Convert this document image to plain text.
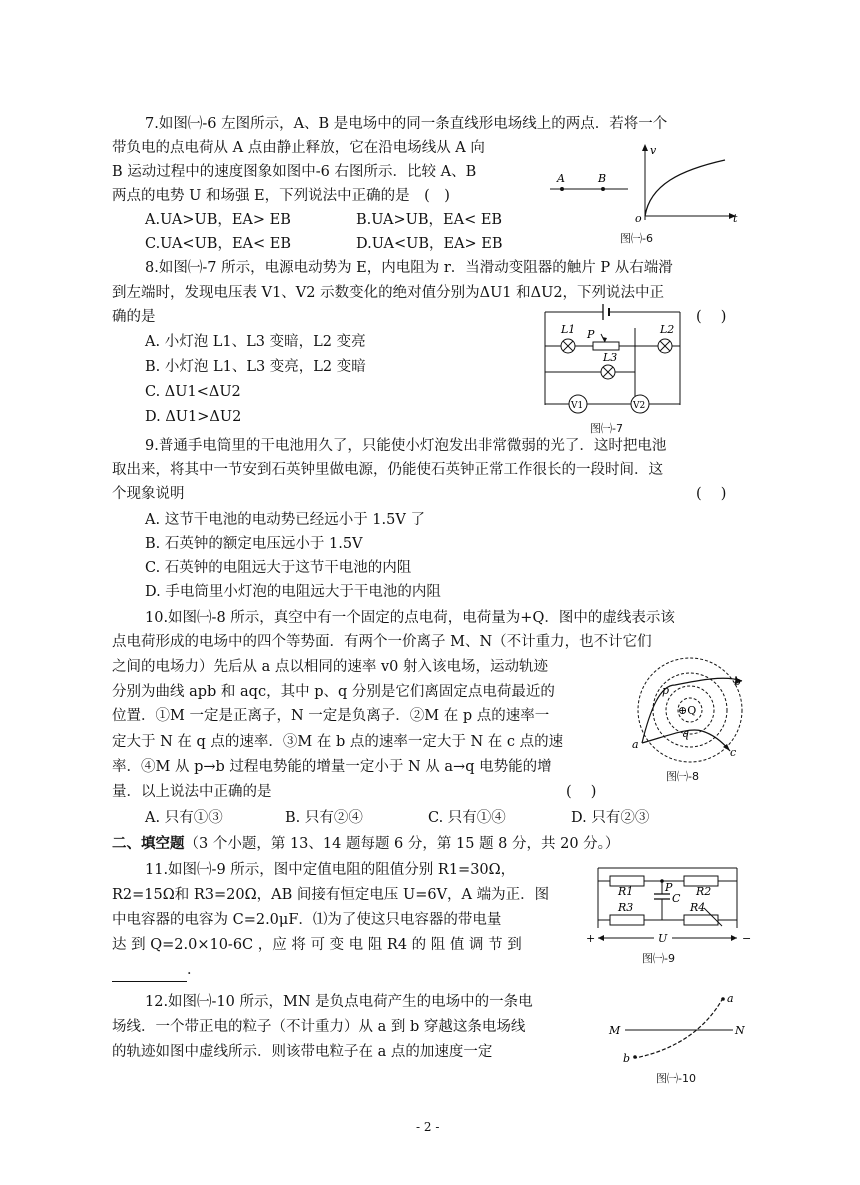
7.如图㈠-6 左图所示，A、B 是电场中的同一条直线形电场线上的两点．若将一个
带负电的点电荷从 A 点由静止释放，它在沿电场线从 A 向
B 运动过程中的速度图象如图中-6 右图所示．比较 A、B
两点的电势 U 和场强 E，下列说法中正确的是　(　)
A.UA>UB，EA> EB	B.UA>UB，EA< EB
C.UA<UB，EA< EB	D.UA<UB，EA> EB
A	B
v
t
o
图㈠-6
8.如图㈠-7 所示，电源电动势为 E，内电阻为 r．当滑动变阻器的触片 P 从右端滑
到左端时，发现电压表 V1、V2 示数变化的绝对值分别为ΔU1 和ΔU2，下列说法中正
确的是	(　 )
A. 小灯泡 L1、L3 变暗，L2 变亮
B. 小灯泡 L1、L3 变亮，L2 变暗
C. ΔU1<ΔU2
D. ΔU1>ΔU2
L1 P	L2
L3
V1	V2
图㈠-7
9.普通手电筒里的干电池用久了，只能使小灯泡发出非常微弱的光了．这时把电池
取出来，将其中一节安到石英钟里做电源，仍能使石英钟正常工作很长的一段时间．这
个现象说明	(　 )
A. 这节干电池的电动势已经远小于 1.5V 了
B. 石英钟的额定电压远小于 1.5V
C. 石英钟的电阻远大于这节干电池的内阻
D. 手电筒里小灯泡的电阻远大于干电池的内阻
10.如图㈠-8 所示，真空中有一个固定的点电荷，电荷量为+Q．图中的虚线表示该
点电荷形成的电场中的四个等势面．有两个一价离子 M、N（不计重力，也不计它们
之间的电场力）先后从 a 点以相同的速率 v0 射入该电场，运动轨迹
分别为曲线 apb 和 aqc，其中 p、q 分别是它们离固定点电荷最近的
位置．①M 一定是正离子，N 一定是负离子．②M 在 p 点的速率一
定大于 N 在 q 点的速率．③M 在 b 点的速率一定大于 N 在 c 点的速
率．④M 从 p→b 过程电势能的增量一定小于 N 从 a→q 电势能的增
量．以上说法中正确的是	(　 )
A. 只有①③	B. 只有②④	C. 只有①④	D. 只有②③
a
b
c
p
q
⊕Q
图㈠-8
二、填空题（3 个小题，第 13、14 题每题 6 分，第 15 题 8 分，共 20 分。）
11.如图㈠-9 所示，图中定值电阻的阻值分别 R1=30Ω，
R2=15Ω和 R3=20Ω，AB 间接有恒定电压 U=6V，A 端为正．图
中电容器的电容为 C=2.0μF．⑴为了使这只电容器的带电量
达 到 Q=2.0×10-6C ，应 将 可 变 电 阻 R4 的 阻 值 调 节 到
．
R1	R2
R3	R4
P
C
U
+	−
图㈠-9
12.如图㈠-10 所示，MN 是负点电荷产生的电场中的一条电
场线．一个带正电的粒子（不计重力）从 a 到 b 穿越这条电场线
的轨迹如图中虚线所示．则该带电粒子在 a 点的加速度一定
M	N
a
b
图㈠-10
- 2 -
